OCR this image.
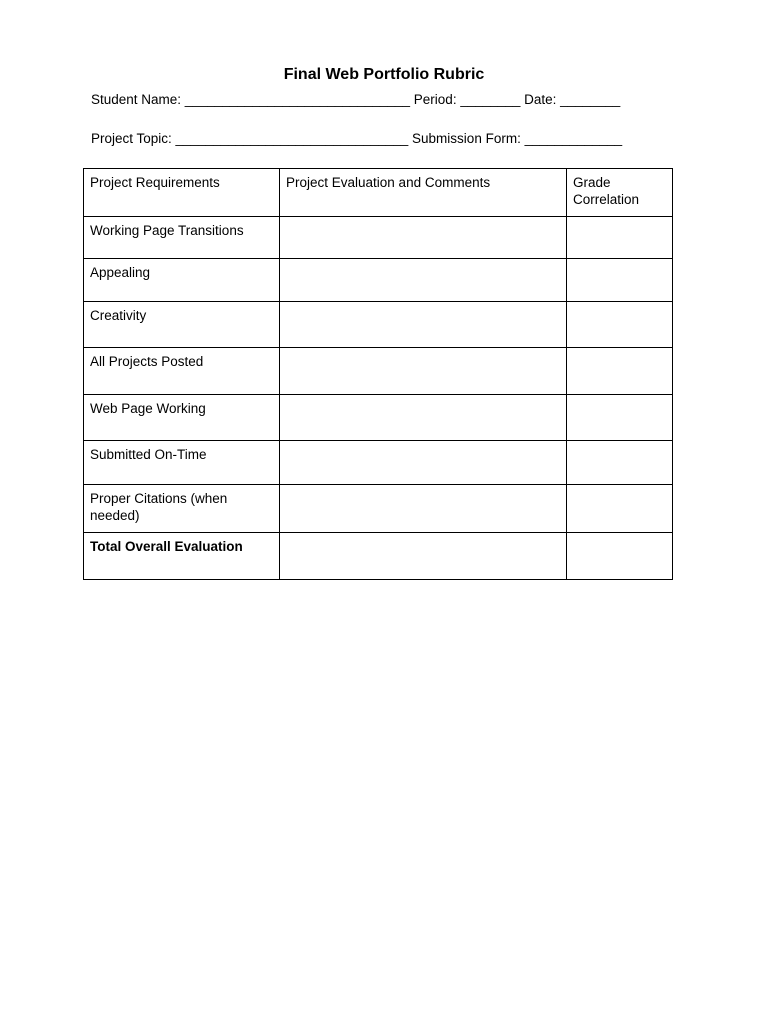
Final Web Portfolio Rubric
Student Name: ______________________________ Period: ________ Date: ________
Project Topic: _______________________________ Submission Form: _____________
Project Requirements	Project Evaluation and Comments	Grade Correlation
Working Page Transitions		
Appealing		
Creativity		
All Projects Posted		
Web Page Working		
Submitted On-Time		
Proper Citations (when needed)		
Total Overall Evaluation		
